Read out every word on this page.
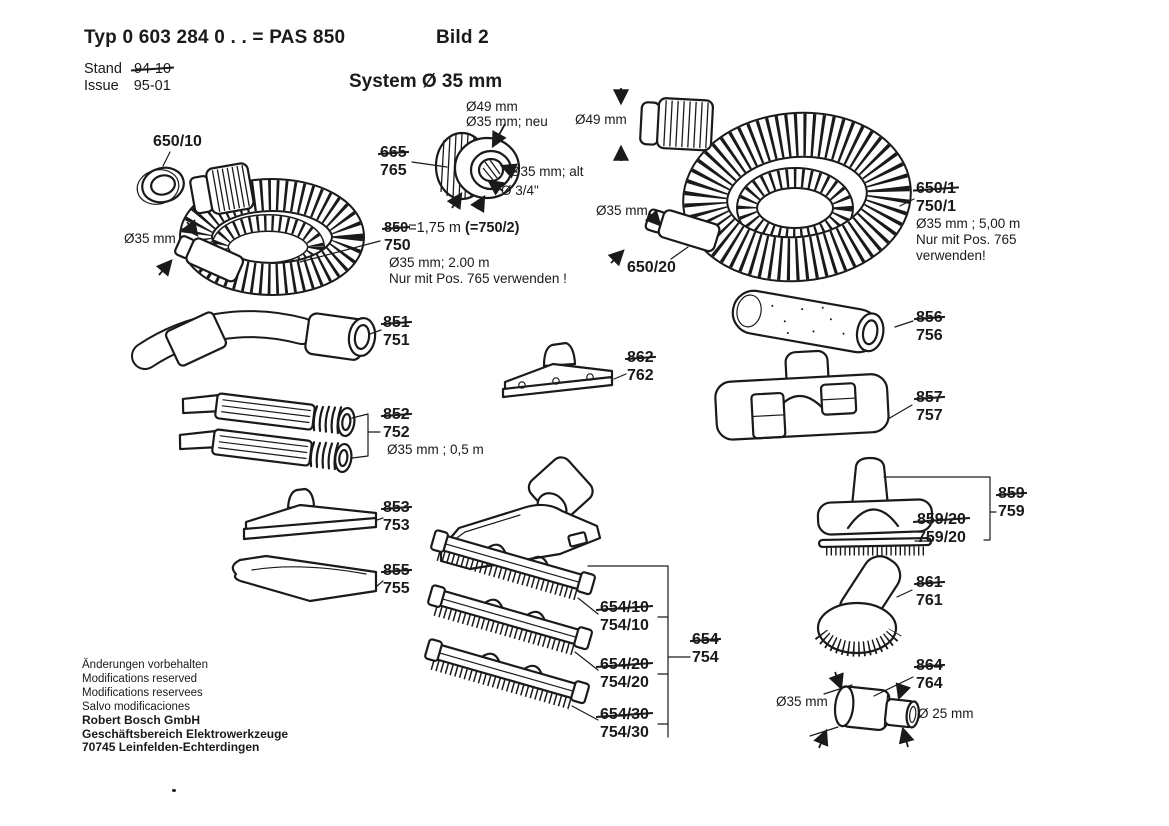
Typ 0 603 284 0 . . = PAS 850	Bild 2
Stand 94-10
Issue 95-01	System Ø 35 mm
650/10
665
765
Ø49 mm
Ø35 mm; neu
Ø35 mm; alt
Ø 3/4"
850=1,75 m (=750/2)
750
Ø35 mm; 2.00 m
Nur mit Pos. 765 verwenden !
Ø35 mm
Ø49 mm
Ø35 mm
650/20
650/1
750/1
Ø35 mm ; 5,00 m
Nur mit Pos. 765
verwenden!
851
751
856
756
862
762
857
757
852
752
Ø35 mm ; 0,5 m
853
753
855
755
654/10
754/10
654/20
754/20
654/30
754/30
654
754
859
759
859/20
759/20
861
761
864
764
Ø35 mm
Ø 25 mm
Änderungen vorbehalten
Modifications reserved
Modifications reservees
Salvo modificaciones
Robert Bosch GmbH
Geschäftsbereich Elektrowerkzeuge
70745 Leinfelden-Echterdingen
